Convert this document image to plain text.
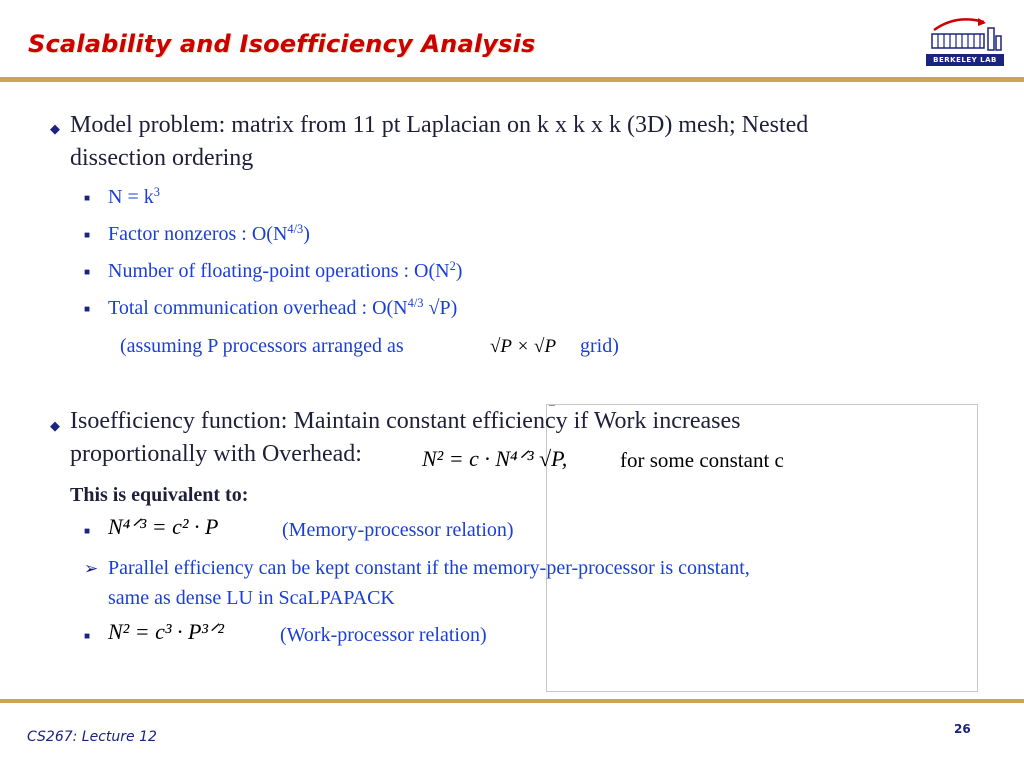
Scalability and Isoefficiency Analysis
BERKELEY LAB
◆ Model problem: matrix from 11 pt Laplacian on k x k x k (3D) mesh; Nested
dissection ordering
■ $N = k^3$
■ Factor nonzeros : $O(N^{4/3})$
■ Number of floating-point operations : $O(N^2)$
■ Total communication overhead : $O(N^{4/3}$ √P)
(assuming P processors arranged as	√P × √P grid)
◆ Isoefficiency function: Maintain constant efficiency if Work increases
proportionally with Overhead:	N² = c · N⁴ᐟ³ √P,	for some constant c
This is equivalent to:
■ N⁴ᐟ³ = c² · P	(Memory-processor relation)
➢ Parallel efficiency can be kept constant if the memory-per-processor is constant,
same as dense LU in ScaLPAPACK
■ N² = c³ · P³ᐟ²	(Work-processor relation)
CS267: Lecture 12	26
